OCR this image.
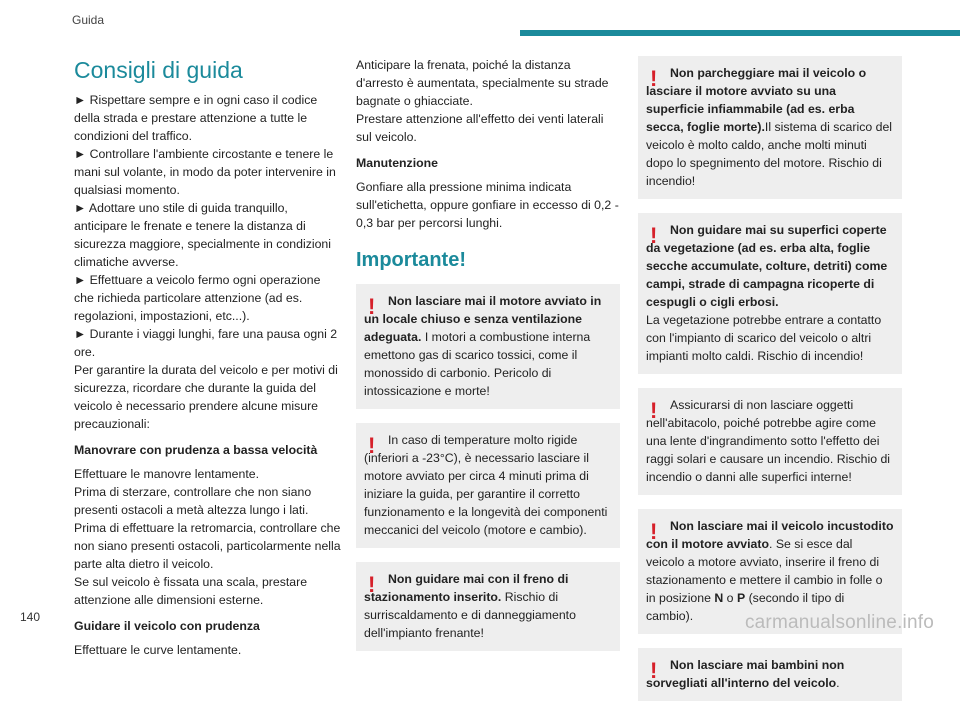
Guida
Consigli di guida
► Rispettare sempre e in ogni caso il codice della strada e prestare attenzione a tutte le condizioni del traffico.
► Controllare l'ambiente circostante e tenere le mani sul volante, in modo da poter intervenire in qualsiasi momento.
► Adottare uno stile di guida tranquillo, anticipare le frenate e tenere la distanza di sicurezza maggiore, specialmente in condizioni climatiche avverse.
► Effettuare a veicolo fermo ogni operazione che richieda particolare attenzione (ad es. regolazioni, impostazioni, etc...).
► Durante i viaggi lunghi, fare una pausa ogni 2 ore.
Per garantire la durata del veicolo e per motivi di sicurezza, ricordare che durante la guida del veicolo è necessario prendere alcune misure precauzionali:
Manovrare con prudenza a bassa velocità
Effettuare le manovre lentamente.
Prima di sterzare, controllare che non siano presenti ostacoli a metà altezza lungo i lati.
Prima di effettuare la retromarcia, controllare che non siano presenti ostacoli, particolarmente nella parte alta dietro il veicolo.
Se sul veicolo è fissata una scala, prestare attenzione alle dimensioni esterne.
Guidare il veicolo con prudenza
Effettuare le curve lentamente.
Anticipare la frenata, poiché la distanza d'arresto è aumentata, specialmente su strade bagnate o ghiacciate.
Prestare attenzione all'effetto dei venti laterali sul veicolo.
Manutenzione
Gonfiare alla pressione minima indicata sull'etichetta, oppure gonfiare in eccesso di 0,2 - 0,3 bar per percorsi lunghi.
Importante!
!	Non lasciare mai il motore avviato in un locale chiuso e senza ventilazione adeguata. I motori a combustione interna emettono gas di scarico tossici, come il monossido di carbonio. Pericolo di intossicazione e morte!

!	In caso di temperature molto rigide (inferiori a -23°C), è necessario lasciare il motore avviato per circa 4 minuti prima di iniziare la guida, per garantire il corretto funzionamento e la longevità dei componenti meccanici del veicolo (motore e cambio).

!	Non guidare mai con il freno di stazionamento inserito. Rischio di surriscaldamento e di danneggiamento dell'impianto frenante!

!	Non parcheggiare mai il veicolo o lasciare il motore avviato su una superficie infiammabile (ad es. erba secca, foglie morte).Il sistema di scarico del veicolo è molto caldo, anche molti minuti dopo lo spegnimento del motore. Rischio di incendio!

!	Non guidare mai su superfici coperte da vegetazione (ad es. erba alta, foglie secche accumulate, colture, detriti) come campi, strade di campagna ricoperte di cespugli o cigli erbosi.
La vegetazione potrebbe entrare a contatto con l'impianto di scarico del veicolo o altri impianti molto caldi. Rischio di incendio!

!	Assicurarsi di non lasciare oggetti nell'abitacolo, poiché potrebbe agire come una lente d'ingrandimento sotto l'effetto dei raggi solari e causare un incendio. Rischio di incendio o danni alle superfici interne!

!	Non lasciare mai il veicolo incustodito con il motore avviato. Se si esce dal veicolo a motore avviato, inserire il freno di stazionamento e mettere il cambio in folle o in posizione N o P (secondo il tipo di cambio).

!	Non lasciare mai bambini non sorvegliati all'interno del veicolo.

140	carmanualsonline.info
